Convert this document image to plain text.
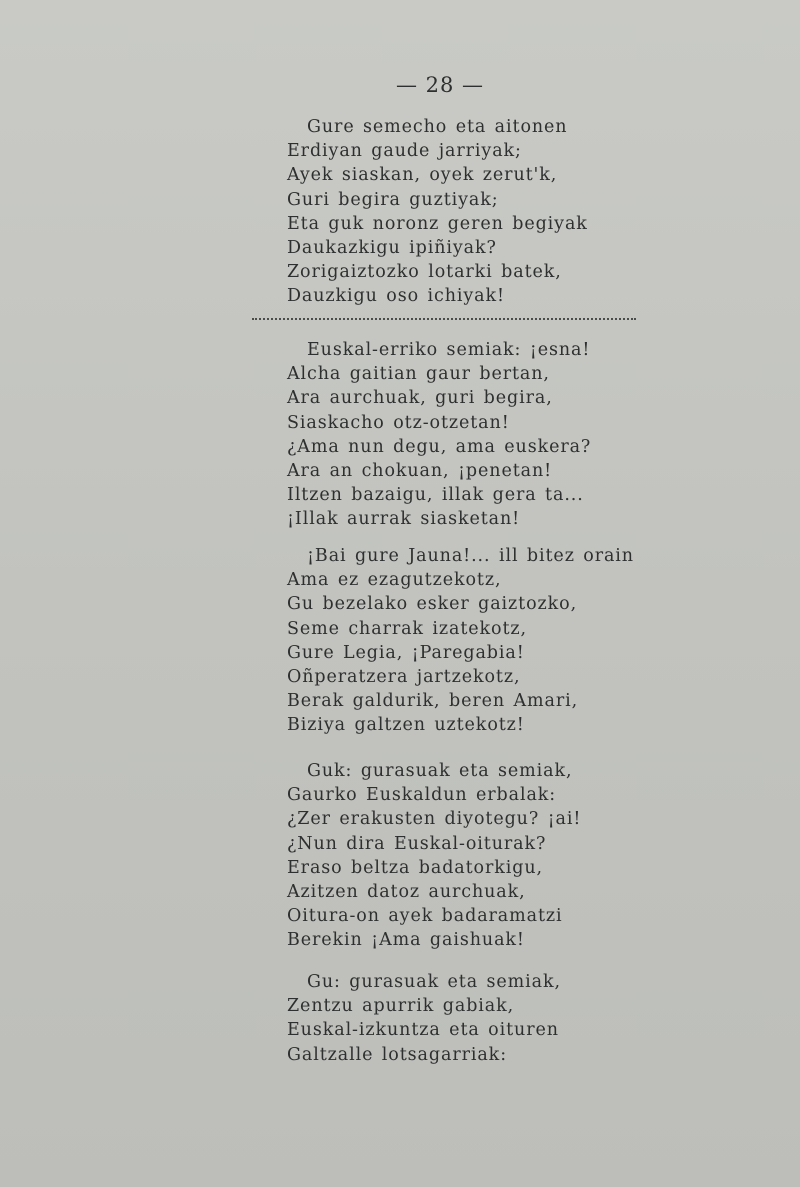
— 28 —
Gure semecho eta aitonen
Erdiyan gaude jarriyak;
Ayek siaskan, oyek zerut'k,
Guri begira guztiyak;
Eta guk noronz geren begiyak
Daukazkigu ipiñiyak?
Zorigaiztozko lotarki batek,
Dauzkigu oso ichiyak!
Euskal-erriko semiak: ¡esna!
Alcha gaitian gaur bertan,
Ara aurchuak, guri begira,
Siaskacho otz-otzetan!
¿Ama nun degu, ama euskera?
Ara an chokuan, ¡penetan!
Iltzen bazaigu, illak gera ta...
¡Illak aurrak siasketan!
¡Bai gure Jauna!... ill bitez orain
Ama ez ezagutzekotz,
Gu bezelako esker gaiztozko,
Seme charrak izatekotz,
Gure Legia, ¡Paregabia!
Oñperatzera jartzekotz,
Berak galdurik, beren Amari,
Biziya galtzen uztekotz!
Guk: gurasuak eta semiak,
Gaurko Euskaldun erbalak:
¿Zer erakusten diyotegu? ¡ai!
¿Nun dira Euskal-oiturak?
Eraso beltza badatorkigu,
Azitzen datoz aurchuak,
Oitura-on ayek badaramatzi
Berekin ¡Ama gaishuak!
Gu: gurasuak eta semiak,
Zentzu apurrik gabiak,
Euskal-izkuntza eta oituren
Galtzalle lotsagarriak:
